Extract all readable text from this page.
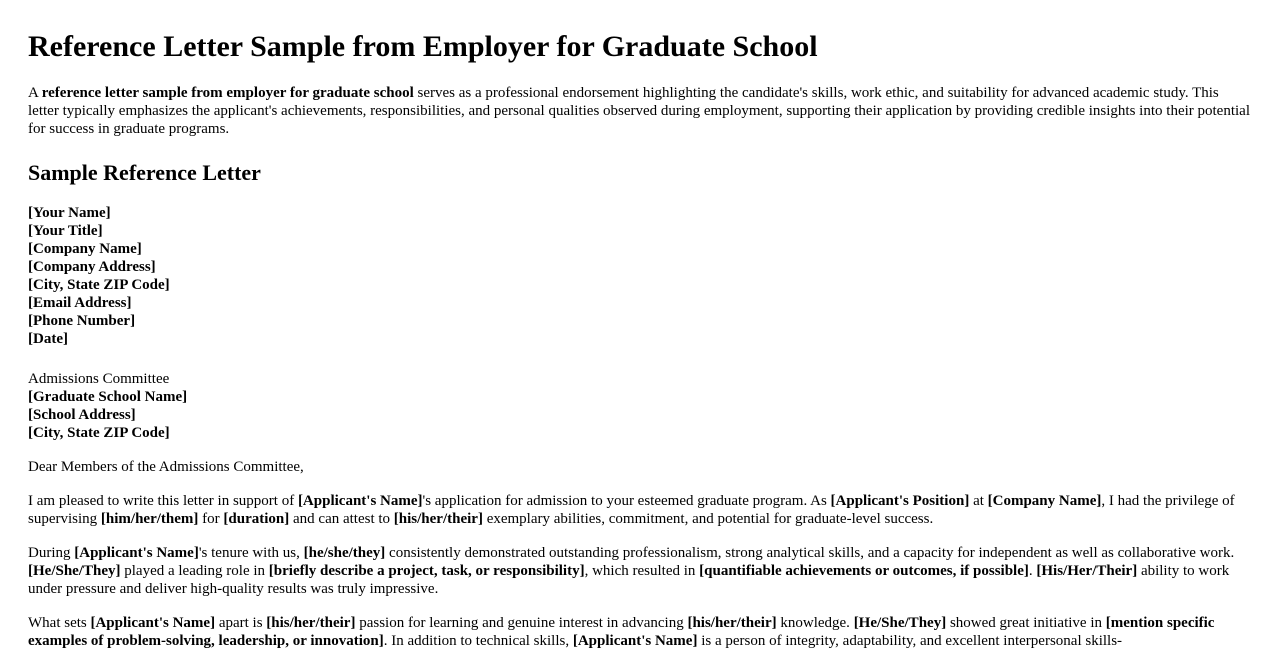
Reference Letter Sample from Employer for Graduate School

A reference letter sample from employer for graduate school serves as a professional endorsement highlighting the candidate's skills, work ethic, and suitability for advanced academic study. This letter typically emphasizes the applicant's achievements, responsibilities, and personal qualities observed during employment, supporting their application by providing credible insights into their potential for success in graduate programs.

Sample Reference Letter
[Your Name]
[Your Title]
[Company Name]
[Company Address]
[City, State ZIP Code]
[Email Address]
[Phone Number]
[Date]
Admissions Committee
[Graduate School Name]
[School Address]
[City, State ZIP Code]

Dear Members of the Admissions Committee,

I am pleased to write this letter in support of [Applicant's Name]'s application for admission to your esteemed graduate program. As [Applicant's Position] at [Company Name], I had the privilege of supervising [him/her/them] for [duration] and can attest to [his/her/their] exemplary abilities, commitment, and potential for graduate-level success.

During [Applicant's Name]'s tenure with us, [he/she/they] consistently demonstrated outstanding professionalism, strong analytical skills, and a capacity for independent as well as collaborative work. [He/She/They] played a leading role in [briefly describe a project, task, or responsibility], which resulted in [quantifiable achievements or outcomes, if possible]. [His/Her/Their] ability to work under pressure and deliver high-quality results was truly impressive.

What sets [Applicant's Name] apart is [his/her/their] passion for learning and genuine interest in advancing [his/her/their] knowledge. [He/She/They] showed great initiative in [mention specific examples of problem-solving, leadership, or innovation]. In addition to technical skills, [Applicant's Name] is a person of integrity, adaptability, and excellent interpersonal skills-
